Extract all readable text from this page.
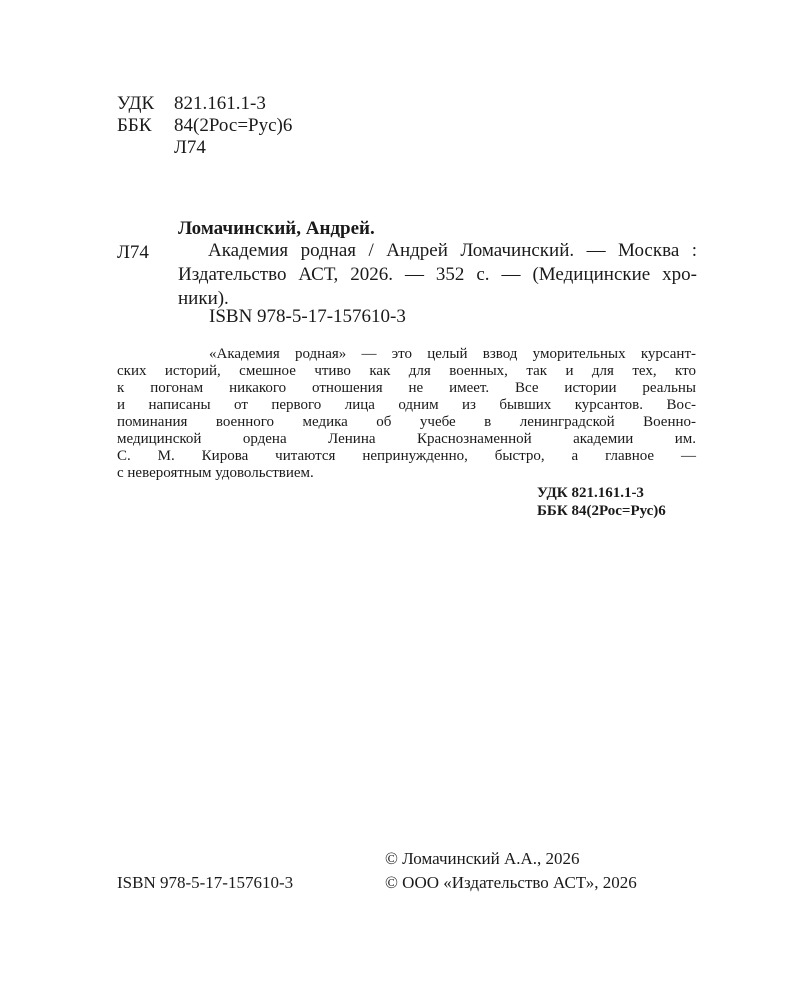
УДК 821.161.1-3
ББК 84(2Рос=Рус)6
Л74
Ломачинский, Андрей.
Л74	Академия родная / Андрей Ломачинский. — Москва :
Издательство АСТ, 2026. — 352 с. — (Медицинские хро-
ники).
ISBN 978-5-17-157610-3
«Академия родная» — это целый взвод уморительных курсант-
ских историй, смешное чтиво как для военных, так и для тех, кто
к погонам никакого отношения не имеет. Все истории реальны
и написаны от первого лица одним из бывших курсантов. Вос-
поминания военного медика об учебе в ленинградской Военно-
медицинской ордена Ленина Краснознаменной академии им.
С. М. Кирова читаются непринужденно, быстро, а главное —
с невероятным удовольствием.
УДК 821.161.1-3
ББК 84(2Рос=Рус)6
© Ломачинский А.А., 2026
ISBN 978-5-17-157610-3	© ООО «Издательство АСТ», 2026
